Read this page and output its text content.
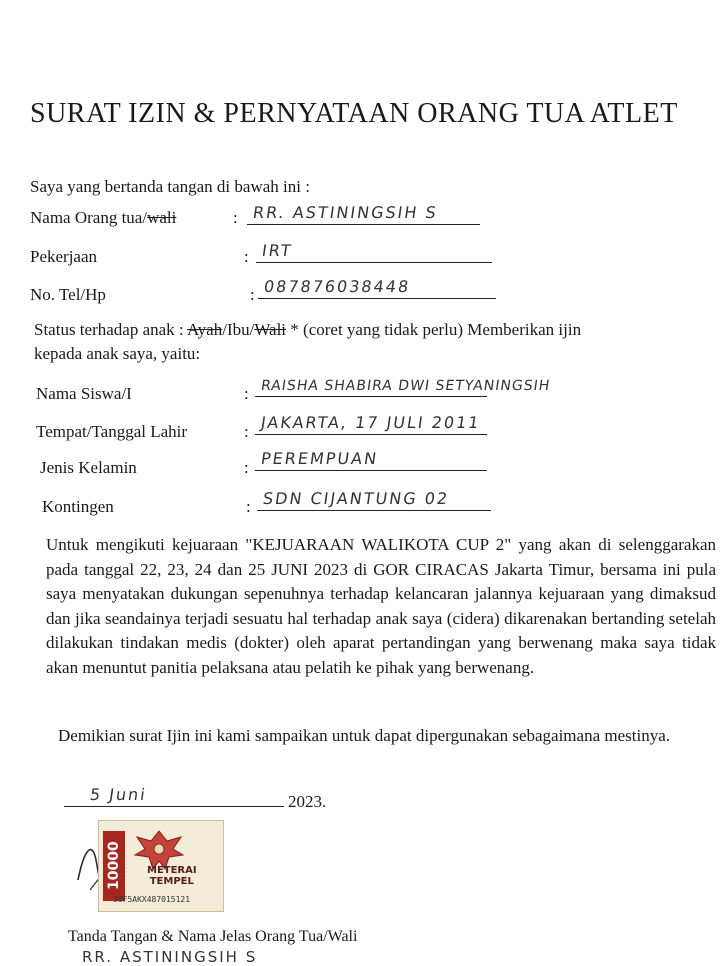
SURAT IZIN & PERNYATAAN ORANG TUA ATLET
Saya yang bertanda tangan di bawah ini :
Nama Orang tua/wali	: RR. ASTININGSIH S
Pekerjaan	: IRT
No. Tel/Hp	: 087876038448
Status terhadap anak : Ayah/Ibu/Wali * (coret yang tidak perlu) Memberikan ijin
kepada anak saya, yaitu:
Nama Siswa/I	: RAISHA SHABIRA DWI SETYANINGSIH
Tempat/Tanggal Lahir	: JAKARTA, 17 JULI 2011
Jenis Kelamin	: PEREMPUAN
Kontingen	: SDN CIJANTUNG 02
Untuk mengikuti kejuaraan "KEJUARAAN WALIKOTA CUP 2" yang akan di selenggarakan pada tanggal 22, 23, 24 dan 25 JUNI 2023 di GOR CIRACAS Jakarta Timur, bersama ini pula saya menyatakan dukungan sepenuhnya terhadap kelancaran jalannya kejuaraan yang dimaksud dan jika seandainya terjadi sesuatu hal terhadap anak saya (cidera) dikarenakan bertanding setelah dilakukan tindakan medis (dokter) oleh aparat pertandingan yang berwenang maka saya tidak akan menuntut panitia pelaksana atau pelatih ke pihak yang berwenang.
Demikian surat Ijin ini kami sampaikan untuk dapat dipergunakan sebagaimana mestinya.
5 Juni	2023.
10000	METERAI
TEMPEL
30F5AKX487015121
Tanda Tangan & Nama Jelas Orang Tua/Wali
RR. ASTININGSIH S
